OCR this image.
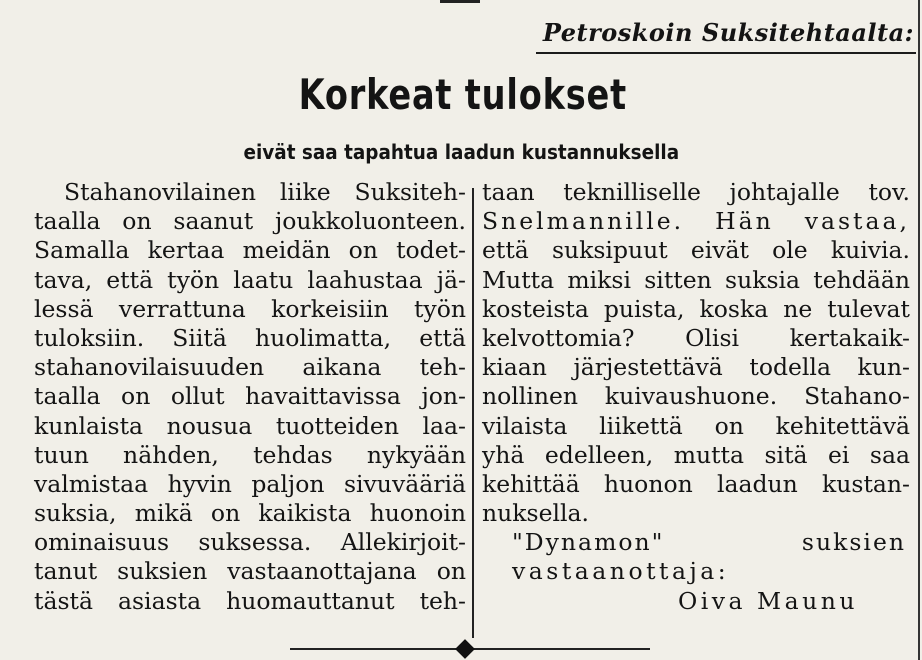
Petroskoin Suksitehtaalta:
Korkeat tulokset
eivät saa tapahtua laadun kustannuksella
Stahanovilainen liike Suksiteh-
taalla on saanut joukkoluonteen.
Samalla kertaa meidän on todet-
tava, että työn laatu laahustaa jä-
lessä verrattuna korkeisiin työn
tuloksiin. Siitä huolimatta, että
stahanovilaisuuden aikana teh-
taalla on ollut havaittavissa jon-
kunlaista nousua tuotteiden laa-
tuun nähden, tehdas nykyään
valmistaa hyvin paljon sivuvääriä
suksia, mikä on kaikista huonoin
ominaisuus suksessa. Allekirjoit-
tanut suksien vastaanottajana on
tästä asiasta huomauttanut teh-
taan teknilliselle johtajalle tov.
Snelmannille. Hän vastaa,
että suksipuut eivät ole kuivia.
Mutta miksi sitten suksia tehdään
kosteista puista, koska ne tulevat
kelvottomia? Olisi kertakaik-
kiaan järjestettävä todella kun-
nollinen kuivaushuone. Stahano-
vilaista liikettä on kehitettävä
yhä edelleen, mutta sitä ei saa
kehittää huonon laadun kustan-
nuksella.
"Dynamon" suksien
vastaanottaja:
Oiva Maunu
